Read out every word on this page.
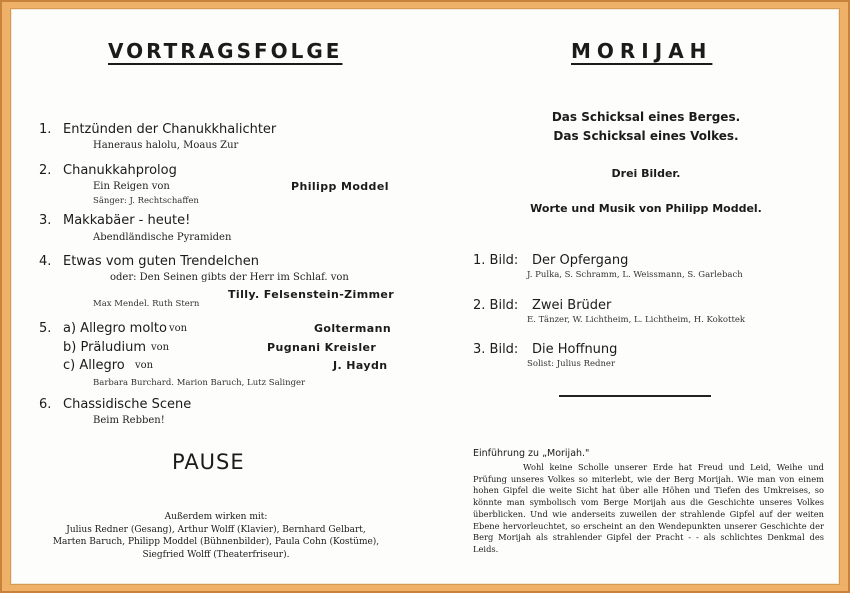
VORTRAGSFOLGE
1. Entzünden der Chanukkhalichter
Haneraus halolu, Moaus Zur
2. Chanukkahprolog
Ein Reigen von	Philipp Moddel
Sänger: J. Rechtschaffen
3. Makkabäer - heute!
Abendländische Pyramiden
4. Etwas vom guten Trendelchen
oder: Den Seinen gibts der Herr im Schlaf. von
Tilly. Felsenstein-Zimmer
Max Mendel. Ruth Stern
5. a) Allegro molto von	Goltermann
b) Präludium von	Pugnani Kreisler
c) Allegro von	J. Haydn
Barbara Burchard. Marion Baruch, Lutz Salinger
6. Chassidische Scene
Beim Rebben!
PAUSE
Außerdem wirken mit:
Julius Redner (Gesang), Arthur Wolff (Klavier), Bernhard Gelbart,
Marten Baruch, Philipp Moddel (Bühnenbilder), Paula Cohn (Kostüme),
Siegfried Wolff (Theaterfriseur).
MORIJAH
Das Schicksal eines Berges.
Das Schicksal eines Volkes.
Drei Bilder.
Worte und Musik von Philipp Moddel.
1. Bild: Der Opfergang
J. Pulka, S. Schramm, L. Weissmann, S. Garlebach
2. Bild: Zwei Brüder
E. Tänzer, W. Lichtheim, L. Lichtheim, H. Kokottek
3. Bild: Die Hoffnung
Solist: Julius Redner
Einführung zu „Morijah."
Wohl keine Scholle unserer Erde hat Freud und Leid, Weihe und Prüfung unseres Volkes so miterlebt, wie der Berg Morijah. Wie man von einem hohen Gipfel die weite Sicht hat über alle Höhen und Tiefen des Umkreises, so könnte man symbolisch vom Berge Morijah aus die Geschichte unseres Volkes überblicken. Und wie anderseits zuweilen der strahlende Gipfel auf der weiten Ebene hervorleuchtet, so erscheint an den Wendepunkten unserer Geschichte der Berg Morijah als strahlender Gipfel der Pracht - - als schlichtes Denkmal des Leids.
